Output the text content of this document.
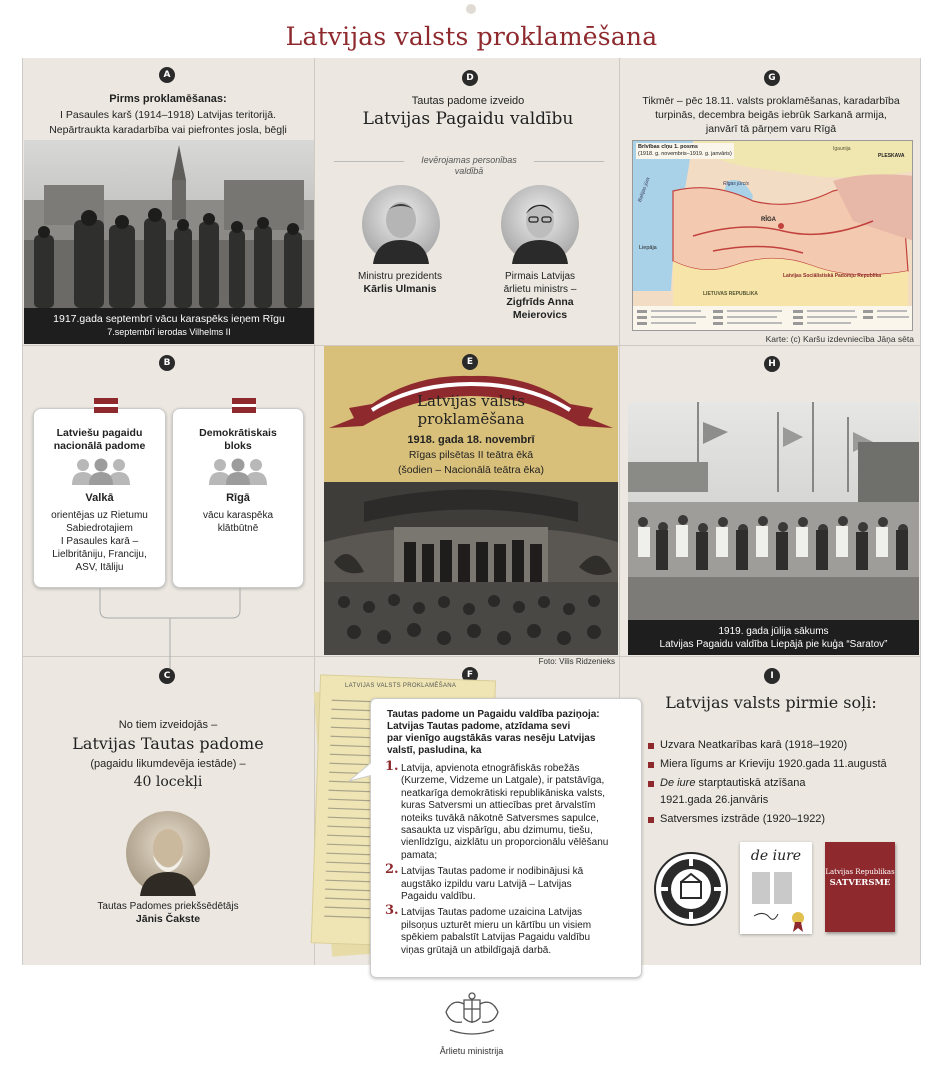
Latvijas valsts proklamēšana
A
Pirms proklamēšanas:
I Pasaules karš (1914–1918) Latvijas teritorijā.
Nepārtraukta karadarbība vai piefrontes josla, bēgļi
1917.gada septembrī vācu karaspēks ieņem Rīgu
7.septembrī ierodas Vilhelms II
B
Latviešu pagaidu
nacionālā padome
Valkā
orientējas uz Rietumu
Sabiedrotajiem
I Pasaules karā –
Lielbritāniju, Franciju,
ASV, Itāliju
Demokrātiskais
bloks
Rīgā
vācu karaspēka
klātbūtnē
C
No tiem izveidojās –
Latvijas Tautas padome
(pagaidu likumdevēja iestāde) –
40 locekļi
Tautas Padomes priekšsēdētājs
Jānis Čakste
D
Tautas padome izveido
Latvijas Pagaidu valdību
Ievērojamas personības
valdībā
Ministru prezidents
Kārlis Ulmanis
Pirmais Latvijas
ārlietu ministrs –
Zigfrīds Anna
Meierovics
E
Latvijas valsts
proklamēšana
1918. gada 18. novembrī
Rīgas pilsētas II teātra ēkā
(šodien – Nacionālā teātra ēka)
Foto: Vilis Ridzenieks
F
LATVIJAS VALSTS PROKLAMĒŠANA
Tautas padome un Pagaidu valdība paziņoja:
Latvijas Tautas padome, atzīdama sevi
par vienīgo augstākās varas nesēju Latvijas
valstī, pasludina, ka
1. Latvija, apvienota etnogrāfiskās robežās
(Kurzeme, Vidzeme un Latgale), ir patstāvīga,
neatkarīga demokrātiski republikāniska valsts,
kuras Satversmi un attiecības pret ārvalstīm
noteiks tuvākā nākotnē Satversmes sapulce,
sasaukta uz vispārīgu, abu dzimumu, tiešu,
vienlīdzīgu, aizklātu un proporcionālu vēlēšanu
pamata;
2. Latvijas Tautas padome ir nodibinājusi kā
augstāko izpildu varu Latvijā – Latvijas
Pagaidu valdību.
3. Latvijas Tautas padome uzaicina Latvijas
pilsoņus uzturēt mieru un kārtību un visiem
spēkiem pabalstīt Latvijas Pagaidu valdību
viņas grūtajā un atbildīgajā darbā.
G
Tikmēr – pēc 18.11. valsts proklamēšanas, karadarbība
turpinās, decembra beigās iebrūk Sarkanā armija,
janvārī tā pārņem varu Rīgā
Brīvības cīņu 1. posms
(1918. g. novembris–1919. g. janvāris)
Baltijas jūra	Rīgas jūrcis
RĪGA
Liepāja
PLESKAVA
Igaunija
LIETUVAS REPUBLIKA
Latvijas Sociālistiskā Padomju Republika
Karte: (c) Karšu izdevniecība Jāņa sēta
H
1919. gada jūlija sākums
Latvijas Pagaidu valdība Liepājā pie kuģa “Saratov”
I
Latvijas valsts pirmie soļi:
Uzvara Neatkarības karā (1918–1920)
Miera līgums ar Krieviju 1920.gada 11.augustā
De iure starptautiskā atzīšana
1921.gada 26.janvāris
Satversmes izstrāde (1920–1922)
de iure
Latvijas Republikas
SATVERSME
Ārlietu ministrija
